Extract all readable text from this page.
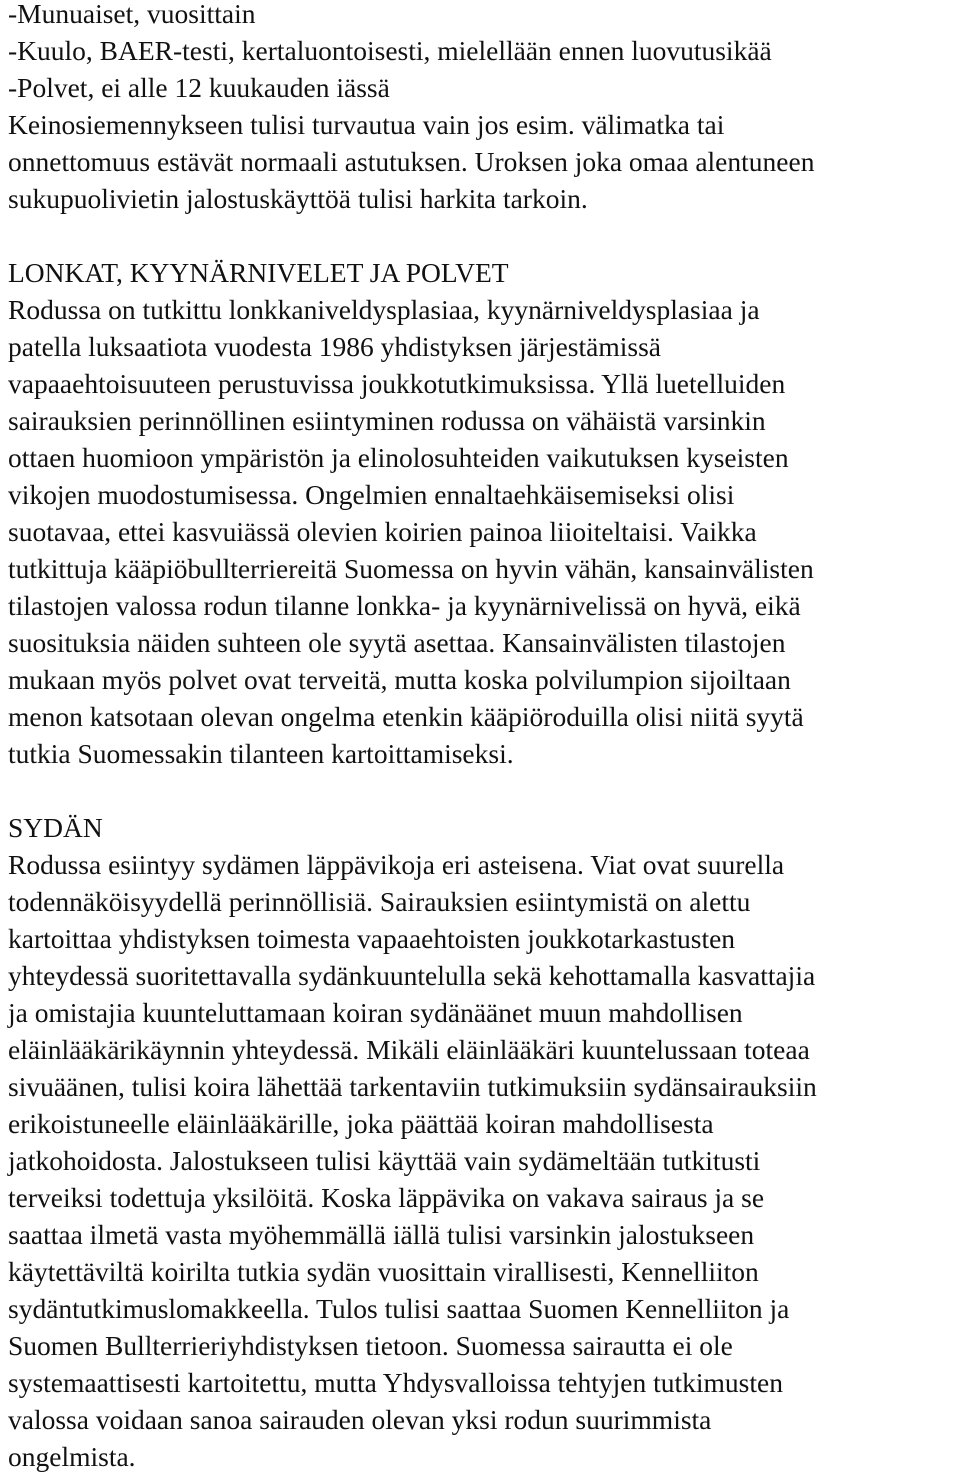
-Munuaiset, vuosittain
-Kuulo, BAER-testi, kertaluontoisesti, mielellään ennen luovutusikää
-Polvet, ei alle 12 kuukauden iässä
Keinosiemennykseen tulisi turvautua vain jos esim. välimatka tai
onnettomuus estävät normaali astutuksen. Uroksen joka omaa alentuneen
sukupuolivietin jalostuskäyttöä tulisi harkita tarkoin.
LONKAT, KYYNÄRNIVELET JA POLVET
Rodussa on tutkittu lonkkaniveldysplasiaa, kyynärniveldysplasiaa ja
patella luksaatiota vuodesta 1986 yhdistyksen järjestämissä
vapaaehtoisuuteen perustuvissa joukkotutkimuksissa. Yllä luetelluiden
sairauksien perinnöllinen esiintyminen rodussa on vähäistä varsinkin
ottaen huomioon ympäristön ja elinolosuhteiden vaikutuksen kyseisten
vikojen muodostumisessa. Ongelmien ennaltaehkäisemiseksi olisi
suotavaa, ettei kasvuiässä olevien koirien painoa liioiteltaisi. Vaikka
tutkittuja kääpiöbullterriereitä Suomessa on hyvin vähän, kansainvälisten
tilastojen valossa rodun tilanne lonkka- ja kyynärnivelissä on hyvä, eikä
suosituksia näiden suhteen ole syytä asettaa. Kansainvälisten tilastojen
mukaan myös polvet ovat terveitä, mutta koska polvilumpion sijoiltaan
menon katsotaan olevan ongelma etenkin kääpiöroduilla olisi niitä syytä
tutkia Suomessakin tilanteen kartoittamiseksi.
SYDÄN
Rodussa esiintyy sydämen läppävikoja eri asteisena. Viat ovat suurella
todennäköisyydellä perinnöllisiä. Sairauksien esiintymistä on alettu
kartoittaa yhdistyksen toimesta vapaaehtoisten joukkotarkastusten
yhteydessä suoritettavalla sydänkuuntelulla sekä kehottamalla kasvattajia
ja omistajia kuunteluttamaan koiran sydänäänet muun mahdollisen
eläinlääkärikäynnin yhteydessä. Mikäli eläinlääkäri kuuntelussaan toteaa
sivuäänen, tulisi koira lähettää tarkentaviin tutkimuksiin sydänsairauksiin
erikoistuneelle eläinlääkärille, joka päättää koiran mahdollisesta
jatkohoidosta. Jalostukseen tulisi käyttää vain sydämeltään tutkitusti
terveiksi todettuja yksilöitä. Koska läppävika on vakava sairaus ja se
saattaa ilmetä vasta myöhemmällä iällä tulisi varsinkin jalostukseen
käytettäviltä koirilta tutkia sydän vuosittain virallisesti, Kennelliiton
sydäntutkimuslomakkeella. Tulos tulisi saattaa Suomen Kennelliiton ja
Suomen Bullterrieriyhdistyksen tietoon. Suomessa sairautta ei ole
systemaattisesti kartoitettu, mutta Yhdysvalloissa tehtyjen tutkimusten
valossa voidaan sanoa sairauden olevan yksi rodun suurimmista
ongelmista.
